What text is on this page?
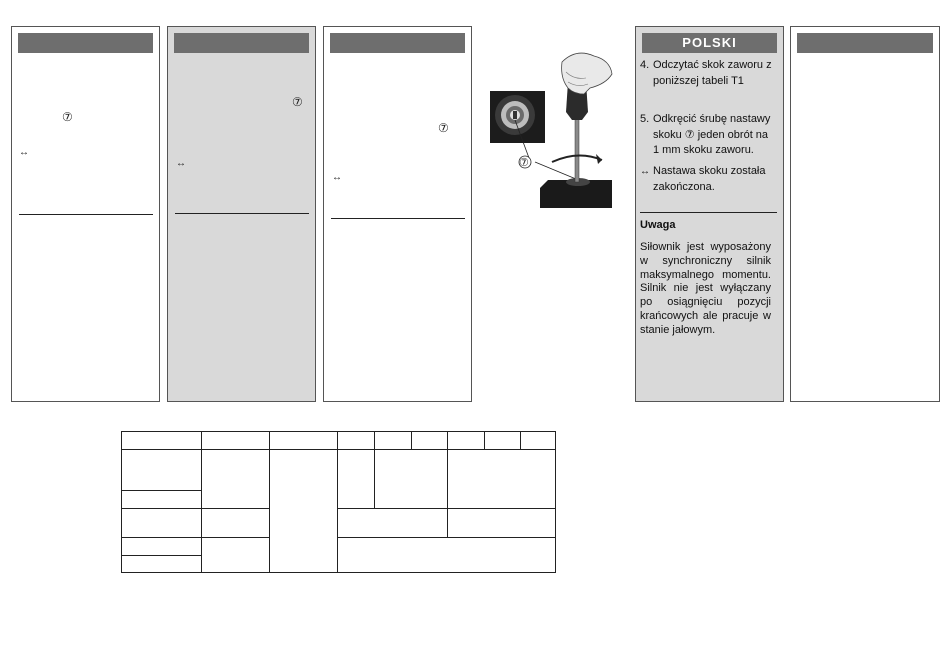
⑦
↔
⑦
↔
⑦
↔
⑦
POLSKI
4. Odczytać skok zaworu z poniższej tabeli T1
5. Odkręcić śrubę nastawy skoku ⑦ jeden obrót na 1 mm skoku zaworu.
↔ Nastawa skoku została zakończona.
Uwaga
Siłownik jest wyposażony w synchroniczny silnik maksymalnego momentu. Silnik nie jest wyłączany po osiągnięciu pozycji krańcowych ale pracuje w stanie jałowym.
